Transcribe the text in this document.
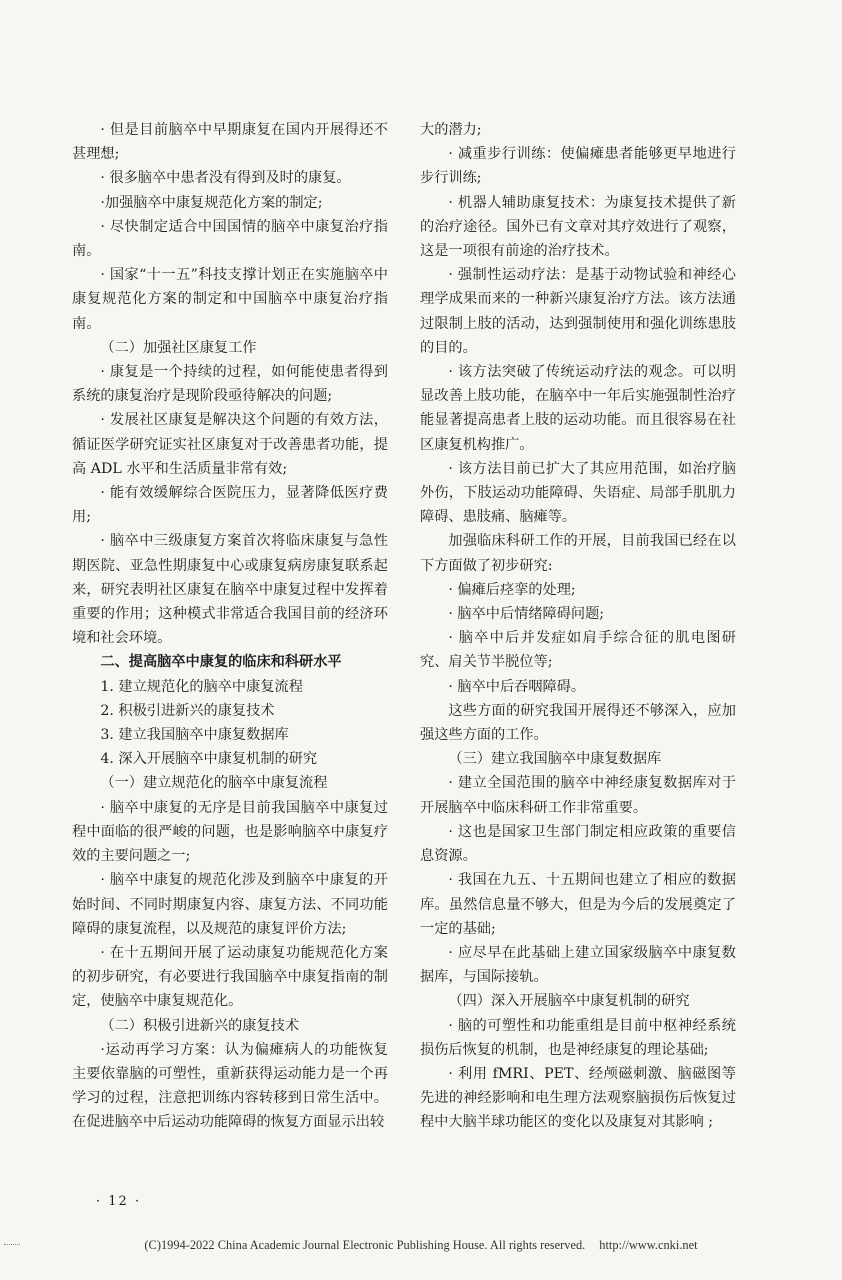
· 但是目前脑卒中早期康复在国内开展得还不甚理想;

· 很多脑卒中患者没有得到及时的康复。

·加强脑卒中康复规范化方案的制定;

· 尽快制定适合中国国情的脑卒中康复治疗指南。

· 国家“十一五”科技支撑计划正在实施脑卒中康复规范化方案的制定和中国脑卒中康复治疗指南。

（二）加强社区康复工作

· 康复是一个持续的过程，如何能使患者得到系统的康复治疗是现阶段亟待解决的问题;

· 发展社区康复是解决这个问题的有效方法，循证医学研究证实社区康复对于改善患者功能，提高 ADL 水平和生活质量非常有效;

· 能有效缓解综合医院压力，显著降低医疗费用;

· 脑卒中三级康复方案首次将临床康复与急性期医院、亚急性期康复中心或康复病房康复联系起来，研究表明社区康复在脑卒中康复过程中发挥着重要的作用；这种模式非常适合我国目前的经济环境和社会环境。

二、提高脑卒中康复的临床和科研水平

1. 建立规范化的脑卒中康复流程

2. 积极引进新兴的康复技术

3. 建立我国脑卒中康复数据库

4. 深入开展脑卒中康复机制的研究

（一）建立规范化的脑卒中康复流程

· 脑卒中康复的无序是目前我国脑卒中康复过程中面临的很严峻的问题，也是影响脑卒中康复疗效的主要问题之一;

· 脑卒中康复的规范化涉及到脑卒中康复的开始时间、不同时期康复内容、康复方法、不同功能障碍的康复流程，以及规范的康复评价方法;

· 在十五期间开展了运动康复功能规范化方案的初步研究，有必要进行我国脑卒中康复指南的制定，使脑卒中康复规范化。

（二）积极引进新兴的康复技术

·运动再学习方案：认为偏瘫病人的功能恢复主要依靠脑的可塑性，重新获得运动能力是一个再学习的过程，注意把训练内容转移到日常生活中。在促进脑卒中后运动功能障碍的恢复方面显示出较

大的潜力;

· 减重步行训练：使偏瘫患者能够更早地进行步行训练;

· 机器人辅助康复技术：为康复技术提供了新的治疗途径。国外已有文章对其疗效进行了观察，这是一项很有前途的治疗技术。

· 强制性运动疗法：是基于动物试验和神经心理学成果而来的一种新兴康复治疗方法。该方法通过限制上肢的活动，达到强制使用和强化训练患肢的目的。

· 该方法突破了传统运动疗法的观念。可以明显改善上肢功能，在脑卒中一年后实施强制性治疗能显著提高患者上肢的运动功能。而且很容易在社区康复机构推广。

· 该方法目前已扩大了其应用范围，如治疗脑外伤，下肢运动功能障碍、失语症、局部手肌肌力障碍、患肢痛、脑瘫等。

加强临床科研工作的开展，目前我国已经在以下方面做了初步研究:

· 偏瘫后痉挛的处理;

· 脑卒中后情绪障碍问题;

· 脑卒中后并发症如肩手综合征的肌电图研究、肩关节半脱位等;

· 脑卒中后吞咽障碍。

这些方面的研究我国开展得还不够深入，应加强这些方面的工作。

（三）建立我国脑卒中康复数据库

· 建立全国范围的脑卒中神经康复数据库对于开展脑卒中临床科研工作非常重要。

· 这也是国家卫生部门制定相应政策的重要信息资源。

· 我国在九五、十五期间也建立了相应的数据库。虽然信息量不够大，但是为今后的发展奠定了一定的基础;

· 应尽早在此基础上建立国家级脑卒中康复数据库，与国际接轨。

（四）深入开展脑卒中康复机制的研究

· 脑的可塑性和功能重组是目前中枢神经系统损伤后恢复的机制，也是神经康复的理论基础;

· 利用 fMRI、PET、经颅磁刺激、脑磁图等先进的神经影响和电生理方法观察脑损伤后恢复过程中大脑半球功能区的变化以及康复对其影响 ;

· 12 ·
(C)1994-2022 China Academic Journal Electronic Publishing House. All rights reserved. http://www.cnki.net
